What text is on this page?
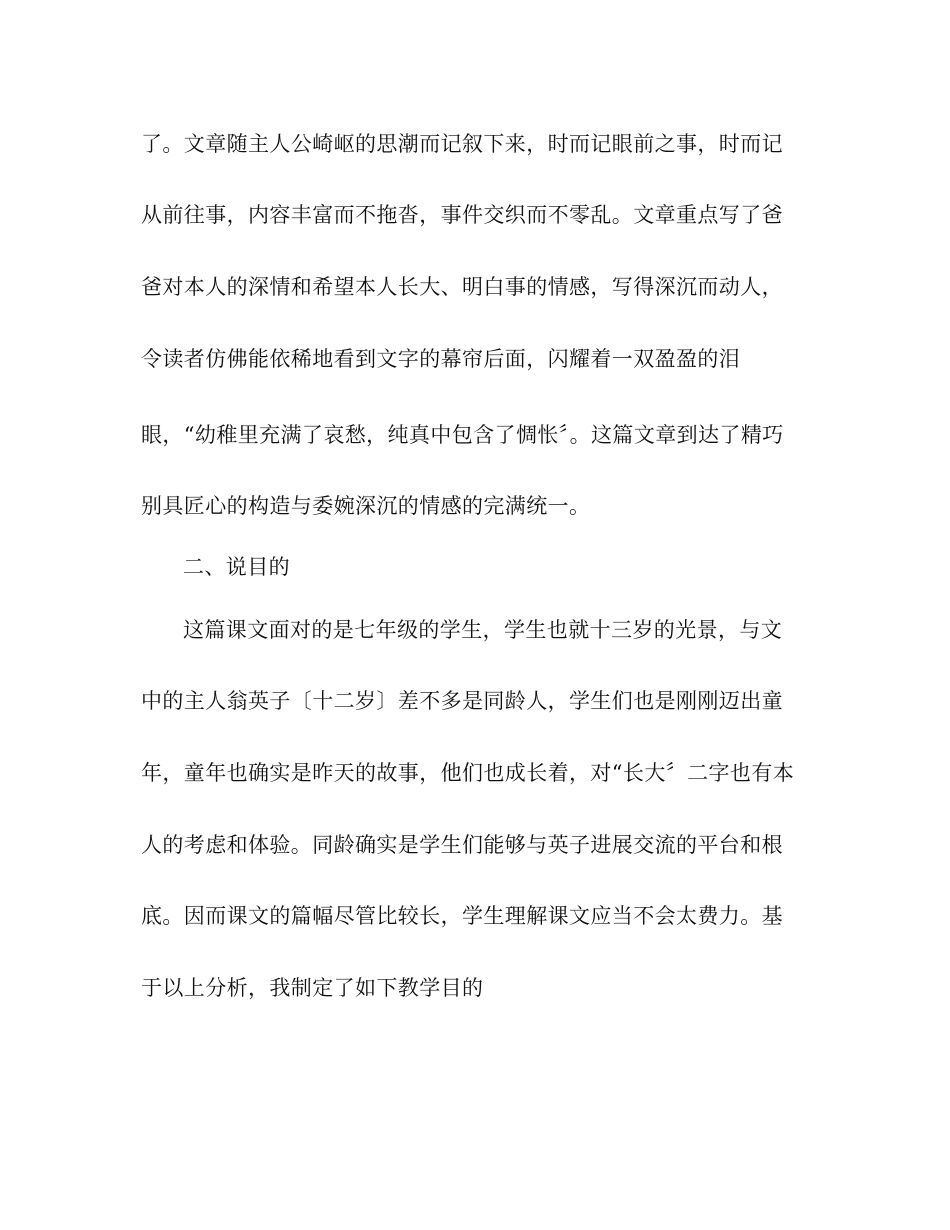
了。文章随主人公崎岖的思潮而记叙下来，时而记眼前之事，时而记
从前往事，内容丰富而不拖沓，事件交织而不零乱。文章重点写了爸
爸对本人的深情和希望本人长大、明白事的情感，写得深沉而动人，
令读者仿佛能依稀地看到文字的幕帘后面，闪耀着一双盈盈的泪
眼，“幼稚里充满了哀愁，纯真中包含了惆怅〞。这篇文章到达了精巧
别具匠心的构造与委婉深沉的情感的完满统一。
二、说目的
这篇课文面对的是七年级的学生，学生也就十三岁的光景，与文
中的主人翁英子〔十二岁〕差不多是同龄人，学生们也是刚刚迈出童
年，童年也确实是昨天的故事，他们也成长着，对“长大〞二字也有本
人的考虑和体验。同龄确实是学生们能够与英子进展交流的平台和根
底。因而课文的篇幅尽管比较长，学生理解课文应当不会太费力。基
于以上分析，我制定了如下教学目的
